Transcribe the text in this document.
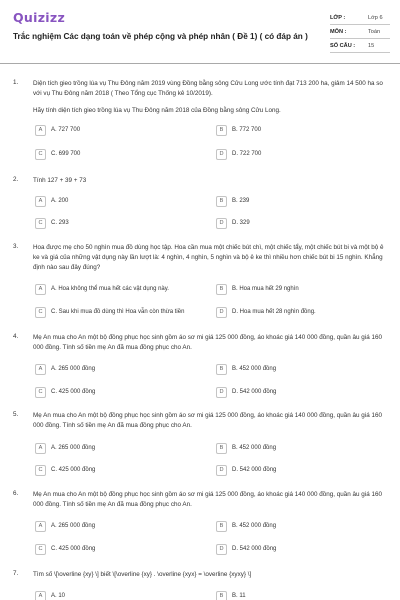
Quizizz
Trắc nghiệm Các dạng toán về phép cộng và phép nhân ( Đề 1) ( có đáp án )
LỚP :	Lớp 6
MÔN :	Toán
SỐ CÂU :	15
1. Diện tích gieo trồng lúa vụ Thu Đông năm 2019 vùng Đồng bằng sông Cửu Long ước tính đạt 713 200 ha, giảm 14 500 ha so với vụ Thu Đông năm 2018 ( Theo Tổng cục Thống kê 10/2019).
Hãy tính diện tích gieo trồng lúa vụ Thu Đông năm 2018 của Đồng bằng sông Cửu Long.
A	A. 727 700	B	B. 772 700
C	C. 699 700	D	D. 722 700
2. Tính 127 + 39 + 73
A	A. 200	B	B. 239
C	C. 293	D	D. 329
3. Hoa được mẹ cho 50 nghìn mua đồ dùng học tập. Hoa cần mua một chiếc bút chì, một chiếc tẩy, một chiếc bút bi và một bộ ê ke và giá của những vật dụng này lần lượt là: 4 nghìn, 4 nghìn, 5 nghìn và bộ ê ke thì nhiều hơn chiếc bút bi 15 nghìn. Khẳng định nào sau đây đúng?
A	A. Hoa không thể mua hết các vật dụng này.	B	B. Hoa mua hết 29 nghìn
C	C. Sau khi mua đồ dùng thì Hoa vẫn còn thừa tiền	D	D. Hoa mua hết 28 nghìn đồng.
4. Mẹ An mua cho An một bộ đồng phục học sinh gồm áo sơ mi giá 125 000 đồng, áo khoác giá 140 000 đồng, quần âu giá 160 000 đồng. Tính số tiền mẹ An đã mua đồng phục cho An.
A	A. 265 000 đồng	B	B. 452 000 đồng
C	C. 425 000 đồng	D	D. 542 000 đồng
5. Mẹ An mua cho An một bộ đồng phục học sinh gồm áo sơ mi giá 125 000 đồng, áo khoác giá 140 000 đồng, quần âu giá 160 000 đồng. Tính số tiền mẹ An đã mua đồng phục cho An.
A	A. 265 000 đồng	B	B. 452 000 đồng
C	C. 425 000 đồng	D	D. 542 000 đồng
6. Mẹ An mua cho An một bộ đồng phục học sinh gồm áo sơ mi giá 125 000 đồng, áo khoác giá 140 000 đồng, quần âu giá 160 000 đồng. Tính số tiền mẹ An đã mua đồng phục cho An.
A	A. 265 000 đồng	B	B. 452 000 đồng
C	C. 425 000 đồng	D	D. 542 000 đồng
7. Tìm số \[\overline {xy} \] biết \[\overline {xy} . \overline {xyx} = \overline {xyxy} \]
A	A. 10	B	B. 11
